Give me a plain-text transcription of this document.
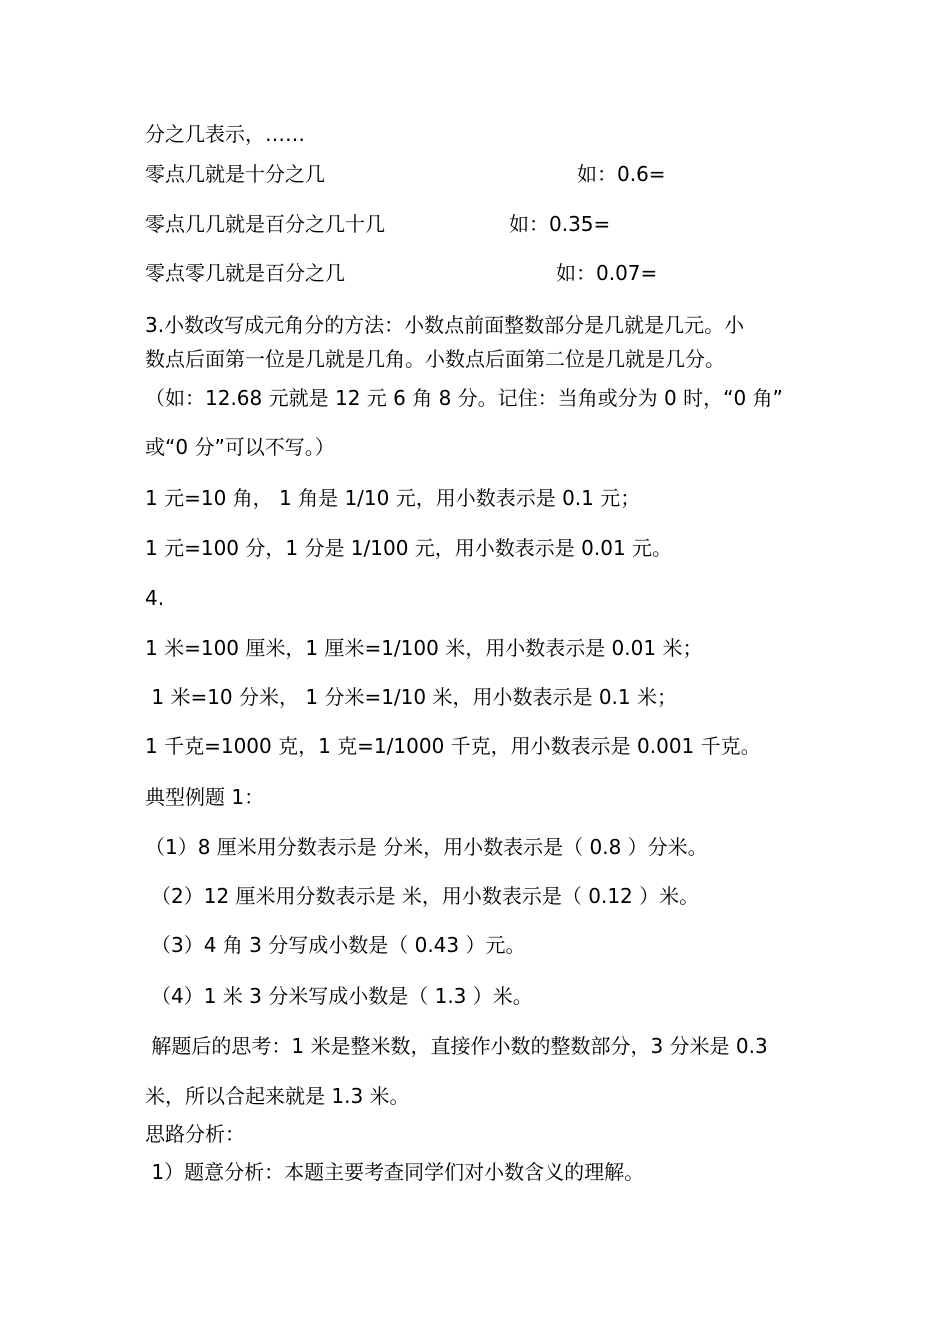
分之几表示，……
零点几就是十分之几	如：0.6=
零点几几就是百分之几十几	如：0.35=
零点零几就是百分之几	如：0.07=
3.小数改写成元角分的方法：小数点前面整数部分是几就是几元。小
数点后面第一位是几就是几角。小数点后面第二位是几就是几分。
（如：12.68 元就是 12 元 6 角 8 分。记住：当角或分为 0 时，“0 角”
或“0 分”可以不写。）
1 元=10 角， 1 角是 1/10 元，用小数表示是 0.1 元；
1 元=100 分，1 分是 1/100 元，用小数表示是 0.01 元。
4.
1 米=100 厘米，1 厘米=1/100 米，用小数表示是 0.01 米；
1 米=10 分米， 1 分米=1/10 米，用小数表示是 0.1 米；
1 千克=1000 克，1 克=1/1000 千克，用小数表示是 0.001 千克。
典型例题 1：
（1）8 厘米用分数表示是 分米，用小数表示是（ 0.8 ）分米。
（2）12 厘米用分数表示是 米，用小数表示是（ 0.12 ）米。
（3）4 角 3 分写成小数是（ 0.43 ）元。
（4）1 米 3 分米写成小数是（ 1.3 ）米。
解题后的思考：1 米是整米数，直接作小数的整数部分，3 分米是 0.3
米，所以合起来就是 1.3 米。
思路分析：
1）题意分析：本题主要考查同学们对小数含义的理解。
